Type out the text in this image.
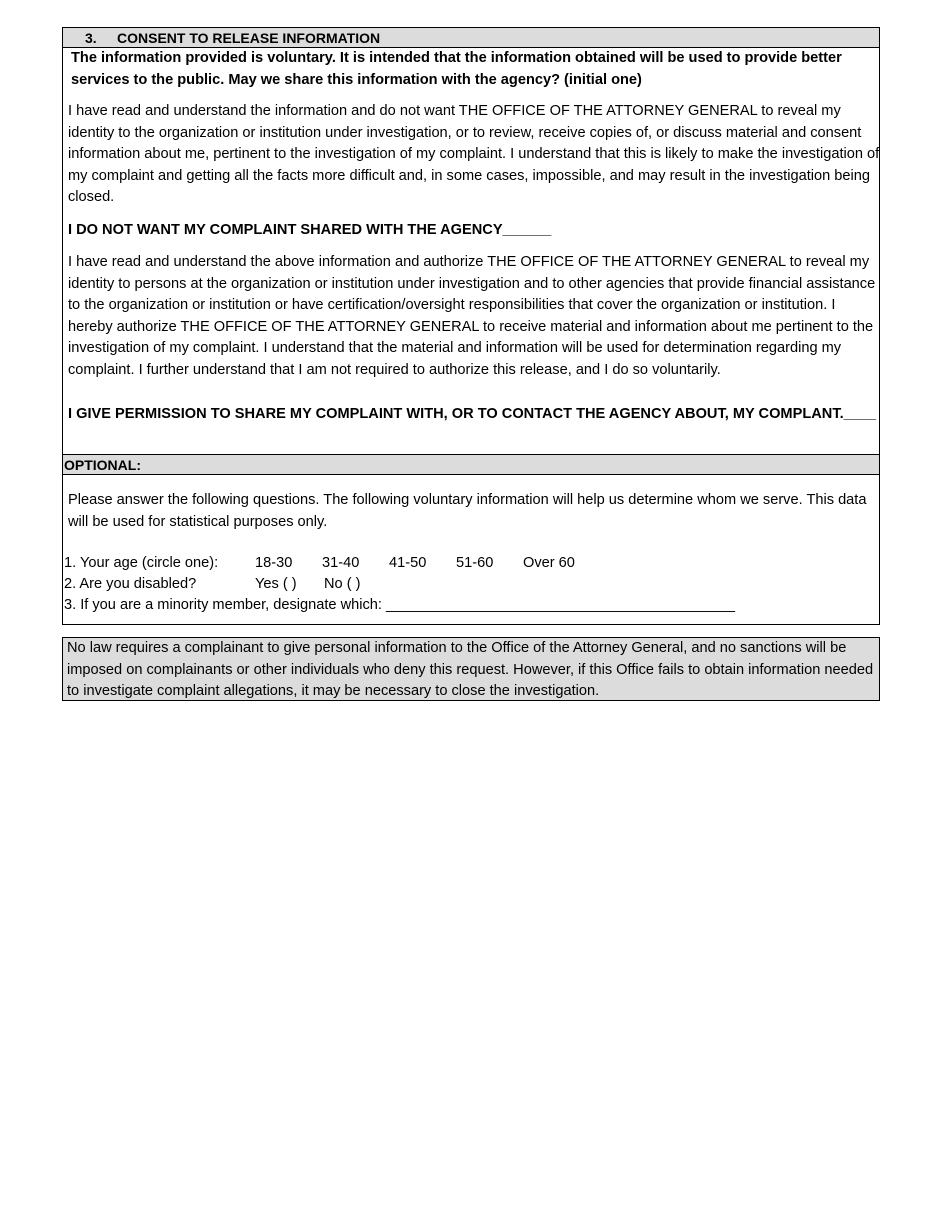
3. CONSENT TO RELEASE INFORMATION
The information provided is voluntary. It is intended that the information obtained will be used to provide better services to the public. May we share this information with the agency? (initial one)
I have read and understand the information and do not want THE OFFICE OF THE ATTORNEY GENERAL to reveal my identity to the organization or institution under investigation, or to review, receive copies of, or discuss material and consent information about me, pertinent to the investigation of my complaint. I understand that this is likely to make the investigation of my complaint and getting all the facts more difficult and, in some cases, impossible, and may result in the investigation being closed.
I DO NOT WANT MY COMPLAINT SHARED WITH THE AGENCY______
I have read and understand the above information and authorize THE OFFICE OF THE ATTORNEY GENERAL to reveal my identity to persons at the organization or institution under investigation and to other agencies that provide financial assistance to the organization or institution or have certification/oversight responsibilities that cover the organization or institution. I hereby authorize THE OFFICE OF THE ATTORNEY GENERAL to receive material and information about me pertinent to the investigation of my complaint. I understand that the material and information will be used for determination regarding my complaint. I further understand that I am not required to authorize this release, and I do so voluntarily.
I GIVE PERMISSION TO SHARE MY COMPLAINT WITH, OR TO CONTACT THE AGENCY ABOUT, MY COMPLANT.____
OPTIONAL:
Please answer the following questions. The following voluntary information will help us determine whom we serve. This data will be used for statistical purposes only.
1. Your age (circle one):	18-30 31-40 41-50 51-60 Over 60
2. Are you disabled?	Yes ( ) No ( )
3. If you are a minority member, designate which: ___________________________________________
No law requires a complainant to give personal information to the Office of the Attorney General, and no sanctions will be imposed on complainants or other individuals who deny this request. However, if this Office fails to obtain information needed to investigate complaint allegations, it may be necessary to close the investigation.
